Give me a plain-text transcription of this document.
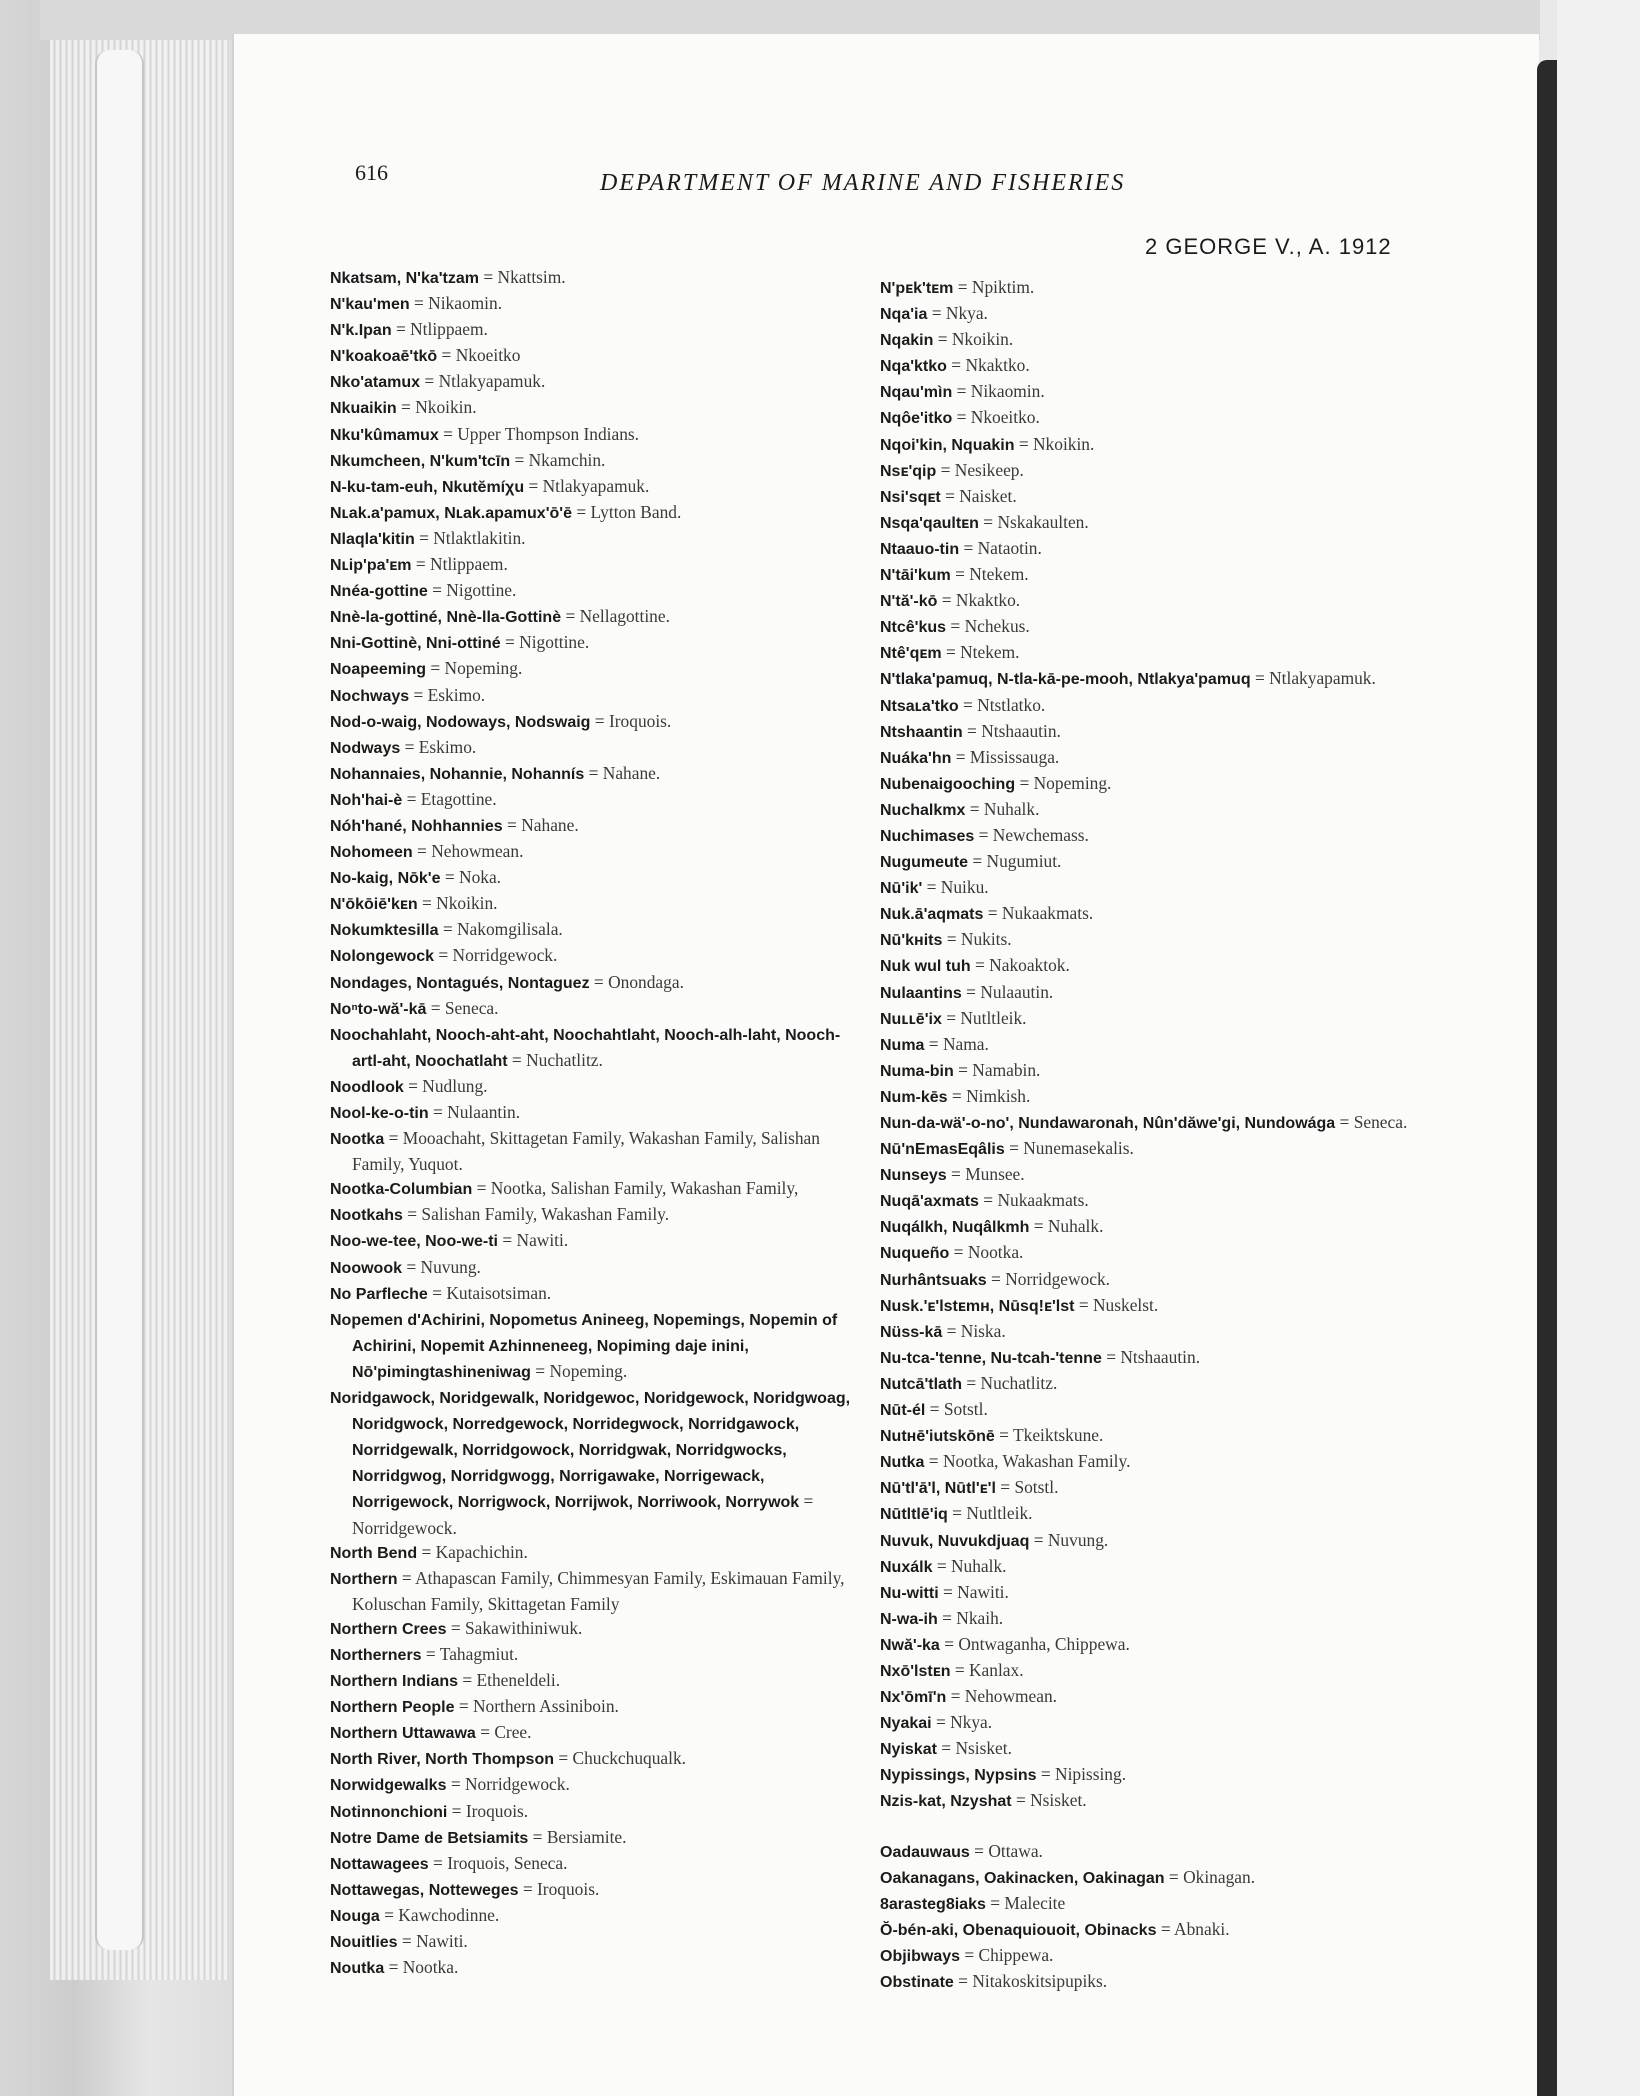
616	DEPARTMENT OF MARINE AND FISHERIES
2 GEORGE V., A. 1912
Nkatsam, N'ka'tzam = Nkattsim.
N'kau'men = Nikaomin.
N'k.Ipan = Ntlippaem.
N'koakoaē'tkō = Nkoeitko
Nko'atamux = Ntlakyapamuk.
Nkuaikin = Nkoikin.
Nku'kûmamux = Upper Thompson Indians.
Nkumcheen, N'kum'tcīn = Nkamchin.
N-ku-tam-euh, Nkutĕmíχu = Ntlakyapamuk.
Nʟak.a'pamux, Nʟak.apamux'ō'ē = Lytton Band.
Nlaqla'kitin = Ntlaktlakitin.
Nʟip'pa'ᴇm = Ntlippaem.
Nnéa-gottine = Nigottine.
Nnè-la-gottiné, Nnè-lla-Gottinè = Nellagottine.
Nni-Gottinè, Nni-ottiné = Nigottine.
Noapeeming = Nopeming.
Nochways = Eskimo.
Nod-o-waig, Nodoways, Nodswaig = Iroquois.
Nodways = Eskimo.
Nohannaies, Nohannie, Nohannís = Nahane.
Noh'hai-è = Etagottine.
Nóh'hané, Nohhannies = Nahane.
Nohomeen = Nehowmean.
No-kaig, Nōk'e = Noka.
N'ōkōiē'kᴇn = Nkoikin.
Nokumktesilla = Nakomgilisala.
Nolongewock = Norridgewock.
Nondages, Nontagués, Nontaguez = Onondaga.
Noⁿto-wă'-kā = Seneca.
Noochahlaht, Nooch-aht-aht, Noochahtlaht, Nooch-alh-laht, Nooch-artl-aht, Noochatlaht = Nuchatlitz.
Noodlook = Nudlung.
Nool-ke-o-tin = Nulaantin.
Nootka = Mooachaht, Skittagetan Family, Wakashan Family, Salishan Family, Yuquot.
Nootka-Columbian = Nootka, Salishan Family, Wakashan Family,
Nootkahs = Salishan Family, Wakashan Family.
Noo-we-tee, Noo-we-ti = Nawiti.
Noowook = Nuvung.
No Parfleche = Kutaisotsiman.
Nopemen d'Achirini, Nopometus Anineeg, Nopemings, Nopemin of Achirini, Nopemit Azhinneneeg, Nopiming daje inini, Nō'pimingtashineniwag = Nopeming.
Noridgawock, Noridgewalk, Noridgewoc, Noridgewock, Noridgwoag, Noridgwock, Norredgewock, Norridegwock, Norridgawock, Norridgewalk, Norridgowock, Norridgwak, Norridgwocks, Norridgwog, Norridgwogg, Norrigawake, Norrigewack, Norrigewock, Norrigwock, Norrijwok, Norriwook, Norrywok = Norridgewock.
North Bend = Kapachichin.
Northern = Athapascan Family, Chimmesyan Family, Eskimauan Family, Koluschan Family, Skittagetan Family
Northern Crees = Sakawithiniwuk.
Northerners = Tahagmiut.
Northern Indians = Etheneldeli.
Northern People = Northern Assiniboin.
Northern Uttawawa = Cree.
North River, North Thompson = Chuckchuqualk.
Norwidgewalks = Norridgewock.
Notinnonchioni = Iroquois.
Notre Dame de Betsiamits = Bersiamite.
Nottawagees = Iroquois, Seneca.
Nottawegas, Notteweges = Iroquois.
Nouga = Kawchodinne.
Nouitlies = Nawiti.
Noutka = Nootka.
N'pᴇk'tᴇm = Npiktim.
Nqa'ia = Nkya.
Nqakin = Nkoikin.
Nqa'ktko = Nkaktko.
Nqau'mìn = Nikaomin.
Nqôe'itko = Nkoeitko.
Nqoi'kin, Nquakin = Nkoikin.
Nsᴇ'qip = Nesikeep.
Nsi'sqᴇt = Naisket.
Nsqa'qaultᴇn = Nskakaulten.
Ntaauo-tin = Nataotin.
N'tāi'kum = Ntekem.
N'tă'-kō = Nkaktko.
Ntcê'kus = Nchekus.
Ntê'qᴇm = Ntekem.
N'tlaka'pamuq, N-tla-kā-pe-mooh, Ntlakya'pamuq = Ntlakyapamuk.
Ntsaʟa'tko = Ntstlatko.
Ntshaantin = Ntshaautin.
Nuáka'hn = Mississauga.
Nubenaigooching = Nopeming.
Nuchalkmx = Nuhalk.
Nuchimases = Newchemass.
Nugumeute = Nugumiut.
Nū'ik' = Nuiku.
Nuk.ā'aqmats = Nukaakmats.
Nū'kʜits = Nukits.
Nuk wul tuh = Nakoaktok.
Nulaantins = Nulaautin.
Nuʟʟē'ix = Nutltleik.
Numa = Nama.
Numa-bin = Namabin.
Num-kēs = Nimkish.
Nun-da-wä'-o-no', Nundawaronah, Nûn'dăwe'gi, Nundowága = Seneca.
Nū'nEmasEqâlis = Nunemasekalis.
Nunseys = Munsee.
Nuqā'axmats = Nukaakmats.
Nuqálkh, Nuqâlkmh = Nuhalk.
Nuqueño = Nootka.
Nurhântsuaks = Norridgewock.
Nusk.'ᴇ'lstᴇmʜ, Nūsq!ᴇ'lst = Nuskelst.
Nüss-kā = Niska.
Nu-tca-'tenne, Nu-tcah-'tenne = Ntshaautin.
Nutcā'tlath = Nuchatlitz.
Nūt-él = Sotstl.
Nutʜē'iutskōnē = Tkeiktskune.
Nutka = Nootka, Wakashan Family.
Nū'tl'ā'l, Nūtl'ᴇ'l = Sotstl.
Nūtltlē'iq = Nutltleik.
Nuvuk, Nuvukdjuaq = Nuvung.
Nuxálk = Nuhalk.
Nu-witti = Nawiti.
N-wa-ih = Nkaih.
Nwă'-ka = Ontwaganha, Chippewa.
Nxō'lstᴇn = Kanlax.
Nx'ōmī'n = Nehowmean.
Nyakai = Nkya.
Nyiskat = Nsisket.
Nypissings, Nypsins = Nipissing.
Nzis-kat, Nzyshat = Nsisket.
Oadauwaus = Ottawa.
Oakanagans, Oakinacken, Oakinagan = Okinagan.
8arasteg8iaks = Malecite
Ŏ-bén-aki, Obenaquiouoit, Obinacks = Abnaki.
Objibways = Chippewa.
Obstinate = Nitakoskitsipupiks.
